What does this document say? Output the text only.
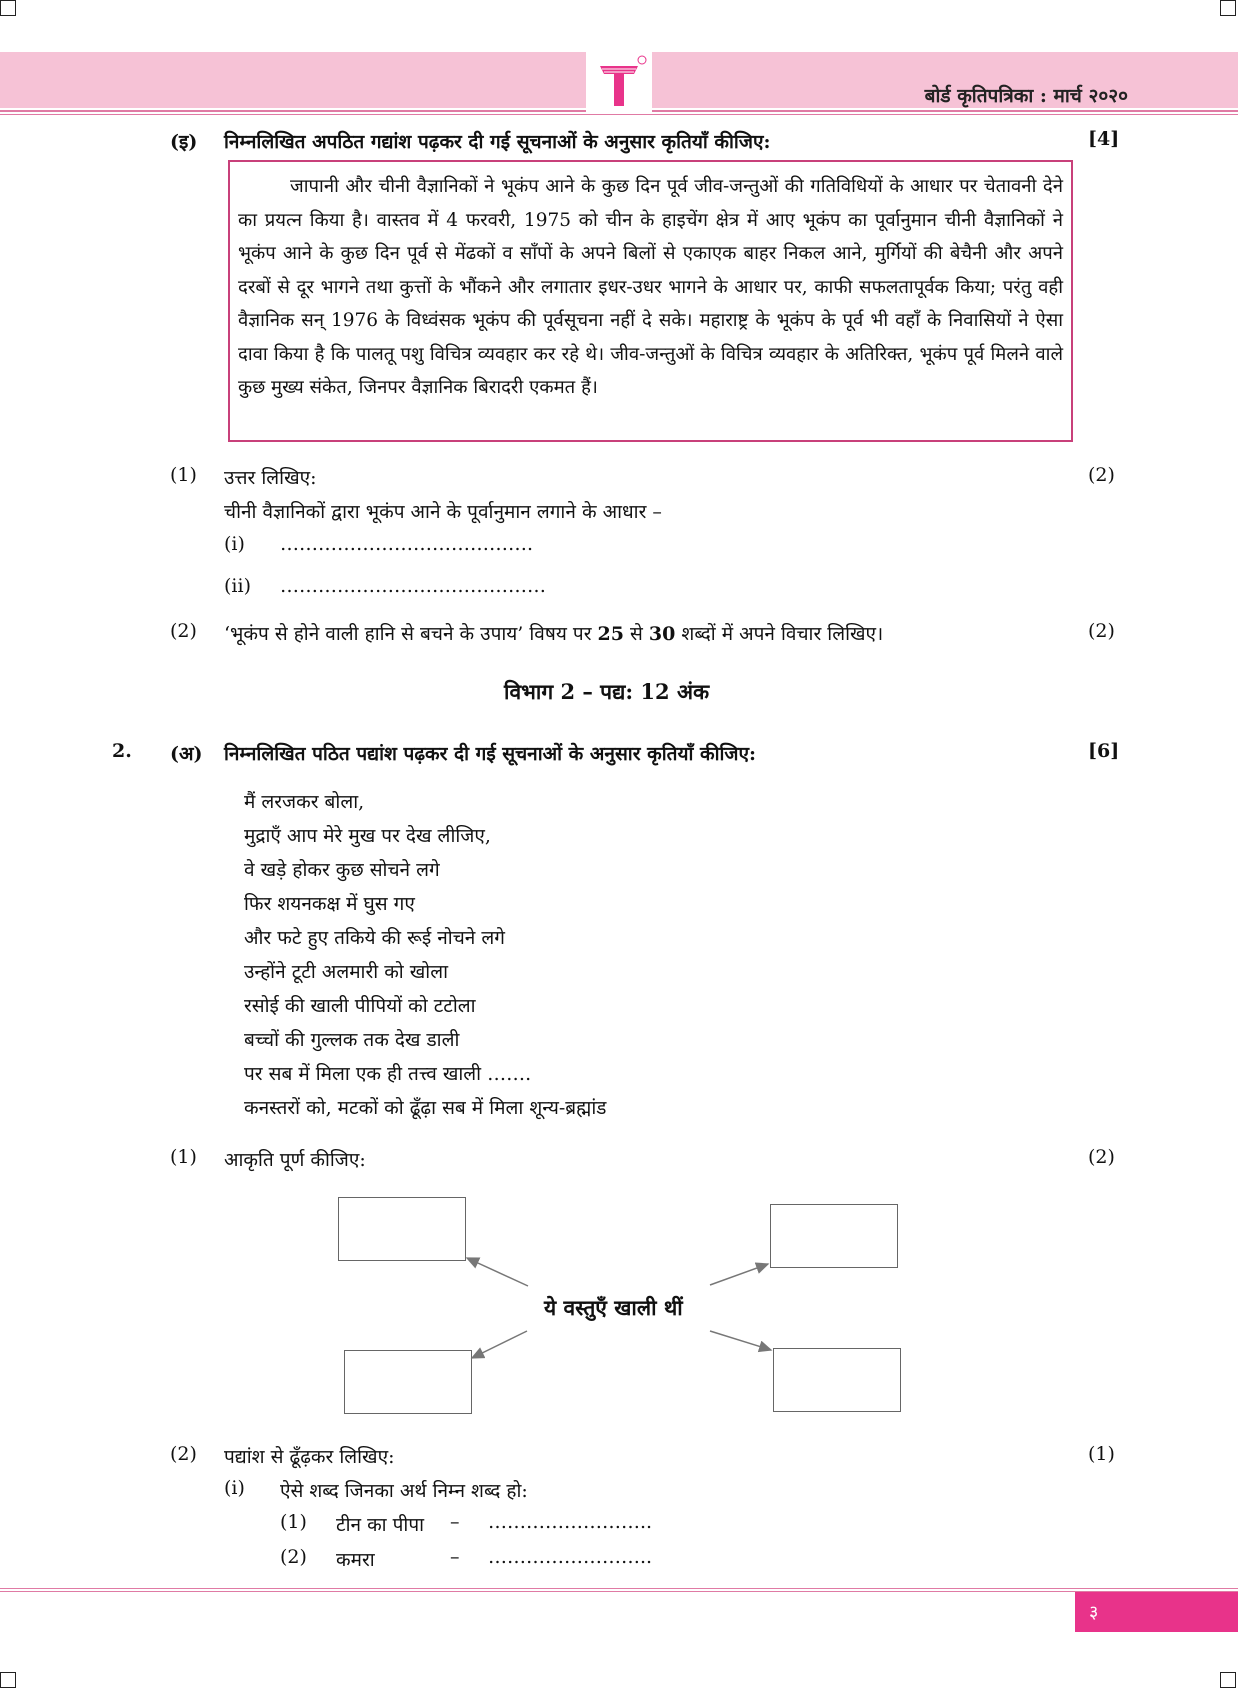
बोर्ड कृतिपत्रिका : मार्च २०२०
(इ) निम्नलिखित अपठित गद्यांश पढ़कर दी गई सूचनाओं के अनुसार कृतियाँ कीजिए:	[4]
जापानी और चीनी वैज्ञानिकों ने भूकंप आने के कुछ दिन पूर्व जीव-जन्तुओं की गतिविधियों के आधार पर चेतावनी देने का प्रयत्न किया है। वास्तव में 4 फरवरी, 1975 को चीन के हाइचेंग क्षेत्र में आए भूकंप का पूर्वानुमान चीनी वैज्ञानिकों ने भूकंप आने के कुछ दिन पूर्व से मेंढकों व साँपों के अपने बिलों से एकाएक बाहर निकल आने, मुर्गियों की बेचैनी और अपने दरबों से दूर भागने तथा कुत्तों के भौंकने और लगातार इधर-उधर भागने के आधार पर, काफी सफलतापूर्वक किया; परंतु वही वैज्ञानिक सन् 1976 के विध्वंसक भूकंप की पूर्वसूचना नहीं दे सके। महाराष्ट्र के भूकंप के पूर्व भी वहाँ के निवासियों ने ऐसा दावा किया है कि पालतू पशु विचित्र व्यवहार कर रहे थे। जीव-जन्तुओं के विचित्र व्यवहार के अतिरिक्त, भूकंप पूर्व मिलने वाले कुछ मुख्य संकेत, जिनपर वैज्ञानिक बिरादरी एकमत हैं।
(1) उत्तर लिखिए:	(2)
चीनी वैज्ञानिकों द्वारा भूकंप आने के पूर्वानुमान लगाने के आधार –
(i) ………………………………….
(ii) ……………………………………
(2) ‘भूकंप से होने वाली हानि से बचने के उपाय’ विषय पर 25 से 30 शब्दों में अपने विचार लिखिए।	(2)
विभाग 2 – पद्य: 12 अंक
2. (अ) निम्नलिखित पठित पद्यांश पढ़कर दी गई सूचनाओं के अनुसार कृतियाँ कीजिए:	[6]
मैं लरजकर बोला,
मुद्राएँ आप मेरे मुख पर देख लीजिए,
वे खड़े होकर कुछ सोचने लगे
फिर शयनकक्ष में घुस गए
और फटे हुए तकिये की रूई नोचने लगे
उन्होंने टूटी अलमारी को खोला
रसोई की खाली पीपियों को टटोला
बच्चों की गुल्लक तक देख डाली
पर सब में मिला एक ही तत्त्व खाली …….
कनस्तरों को, मटकों को ढूँढ़ा सब में मिला शून्य-ब्रह्मांड
(1) आकृति पूर्ण कीजिए:	(2)
ये वस्तुएँ खाली थीं
(2) पद्यांश से ढूँढ़कर लिखिए:	(1)
(i) ऐसे शब्द जिनका अर्थ निम्न शब्द हो:
(1) टीन का पीपा – ……………………..
(2) कमरा	– ……………………..
३
